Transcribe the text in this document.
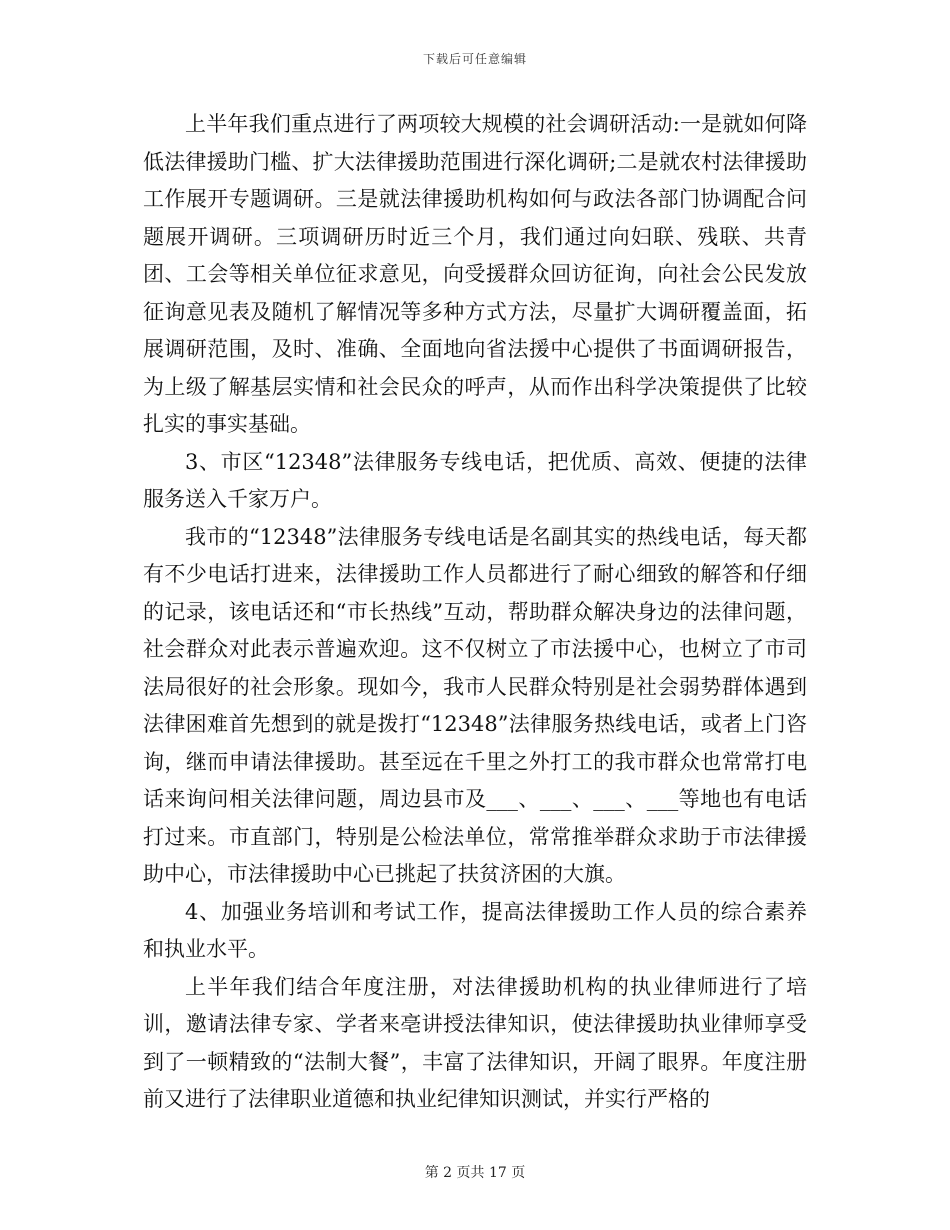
下载后可任意编辑

上半年我们重点进行了两项较大规模的社会调研活动:一是就如何降低法律援助门槛、扩大法律援助范围进行深化调研;二是就农村法律援助工作展开专题调研。三是就法律援助机构如何与政法各部门协调配合问题展开调研。三项调研历时近三个月，我们通过向妇联、残联、共青团、工会等相关单位征求意见，向受援群众回访征询，向社会公民发放征询意见表及随机了解情况等多种方式方法，尽量扩大调研覆盖面，拓展调研范围，及时、准确、全面地向省法援中心提供了书面调研报告，为上级了解基层实情和社会民众的呼声，从而作出科学决策提供了比较扎实的事实基础。

3、市区“12348”法律服务专线电话，把优质、高效、便捷的法律服务送入千家万户。

我市的“12348”法律服务专线电话是名副其实的热线电话，每天都有不少电话打进来，法律援助工作人员都进行了耐心细致的解答和仔细的记录，该电话还和“市长热线”互动，帮助群众解决身边的法律问题，社会群众对此表示普遍欢迎。这不仅树立了市法援中心，也树立了市司法局很好的社会形象。现如今，我市人民群众特别是社会弱势群体遇到法律困难首先想到的就是拨打“12348”法律服务热线电话，或者上门咨询，继而申请法律援助。甚至远在千里之外打工的我市群众也常常打电话来询问相关法律问题，周边县市及___、___、___、___等地也有电话打过来。市直部门，特别是公检法单位，常常推举群众求助于市法律援助中心，市法律援助中心已挑起了扶贫济困的大旗。

4、加强业务培训和考试工作，提高法律援助工作人员的综合素养和执业水平。

上半年我们结合年度注册，对法律援助机构的执业律师进行了培训，邀请法律专家、学者来亳讲授法律知识，使法律援助执业律师享受到了一顿精致的“法制大餐”，丰富了法律知识，开阔了眼界。年度注册前又进行了法律职业道德和执业纪律知识测试，并实行严格的

第 2 页共 17 页
